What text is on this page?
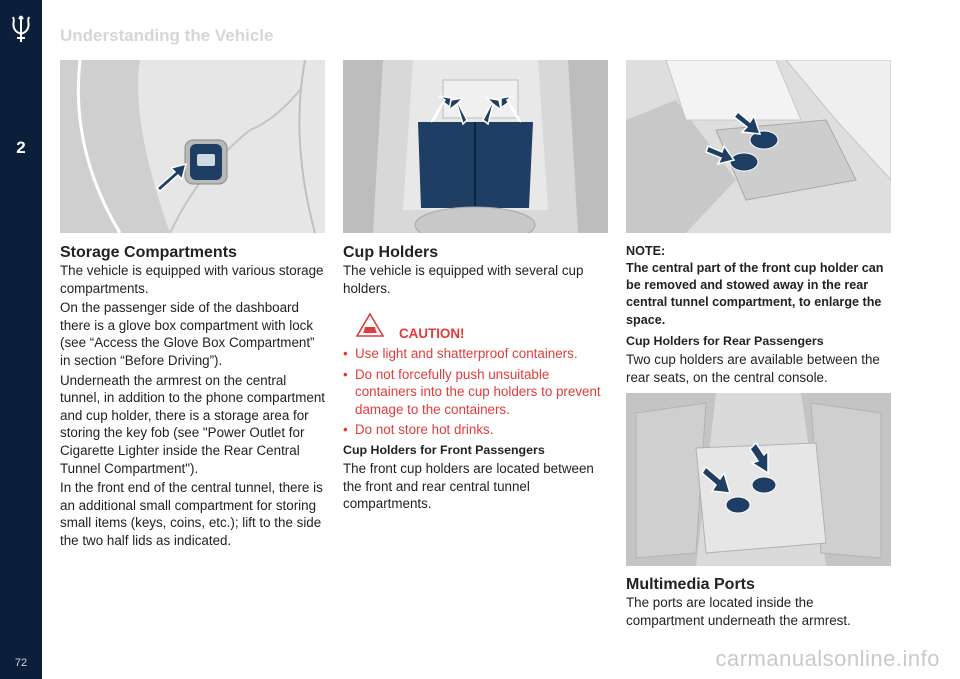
2
72
Understanding the Vehicle
Storage Compartments

The vehicle is equipped with various storage compartments.

On the passenger side of the dashboard there is a glove box compartment with lock (see “Access the Glove Box Compartment” in section “Before Driving”).

Underneath the armrest on the central tunnel, in addition to the phone compartment and cup holder, there is a storage area for storing the key fob (see "Power Outlet for Cigarette Lighter inside the Rear Central Tunnel Compartment").

In the front end of the central tunnel, there is an additional small compartment for storing small items (keys, coins, etc.); lift to the side the two half lids as indicated.

Cup Holders
The vehicle is equipped with several cup holders.
CAUTION!
• Use light and shatterproof containers.
• Do not forcefully push unsuitable containers into the cup holders to prevent damage to the containers.
• Do not store hot drinks.
Cup Holders for Front Passengers
The front cup holders are located between the front and rear central tunnel compartments.
NOTE:
The central part of the front cup holder can be removed and stowed away in the rear central tunnel compartment, to enlarge the space.
Cup Holders for Rear Passengers
Two cup holders are available between the rear seats, on the central console.
Multimedia Ports
The ports are located inside the compartment underneath the armrest.
carmanualsonline.info
